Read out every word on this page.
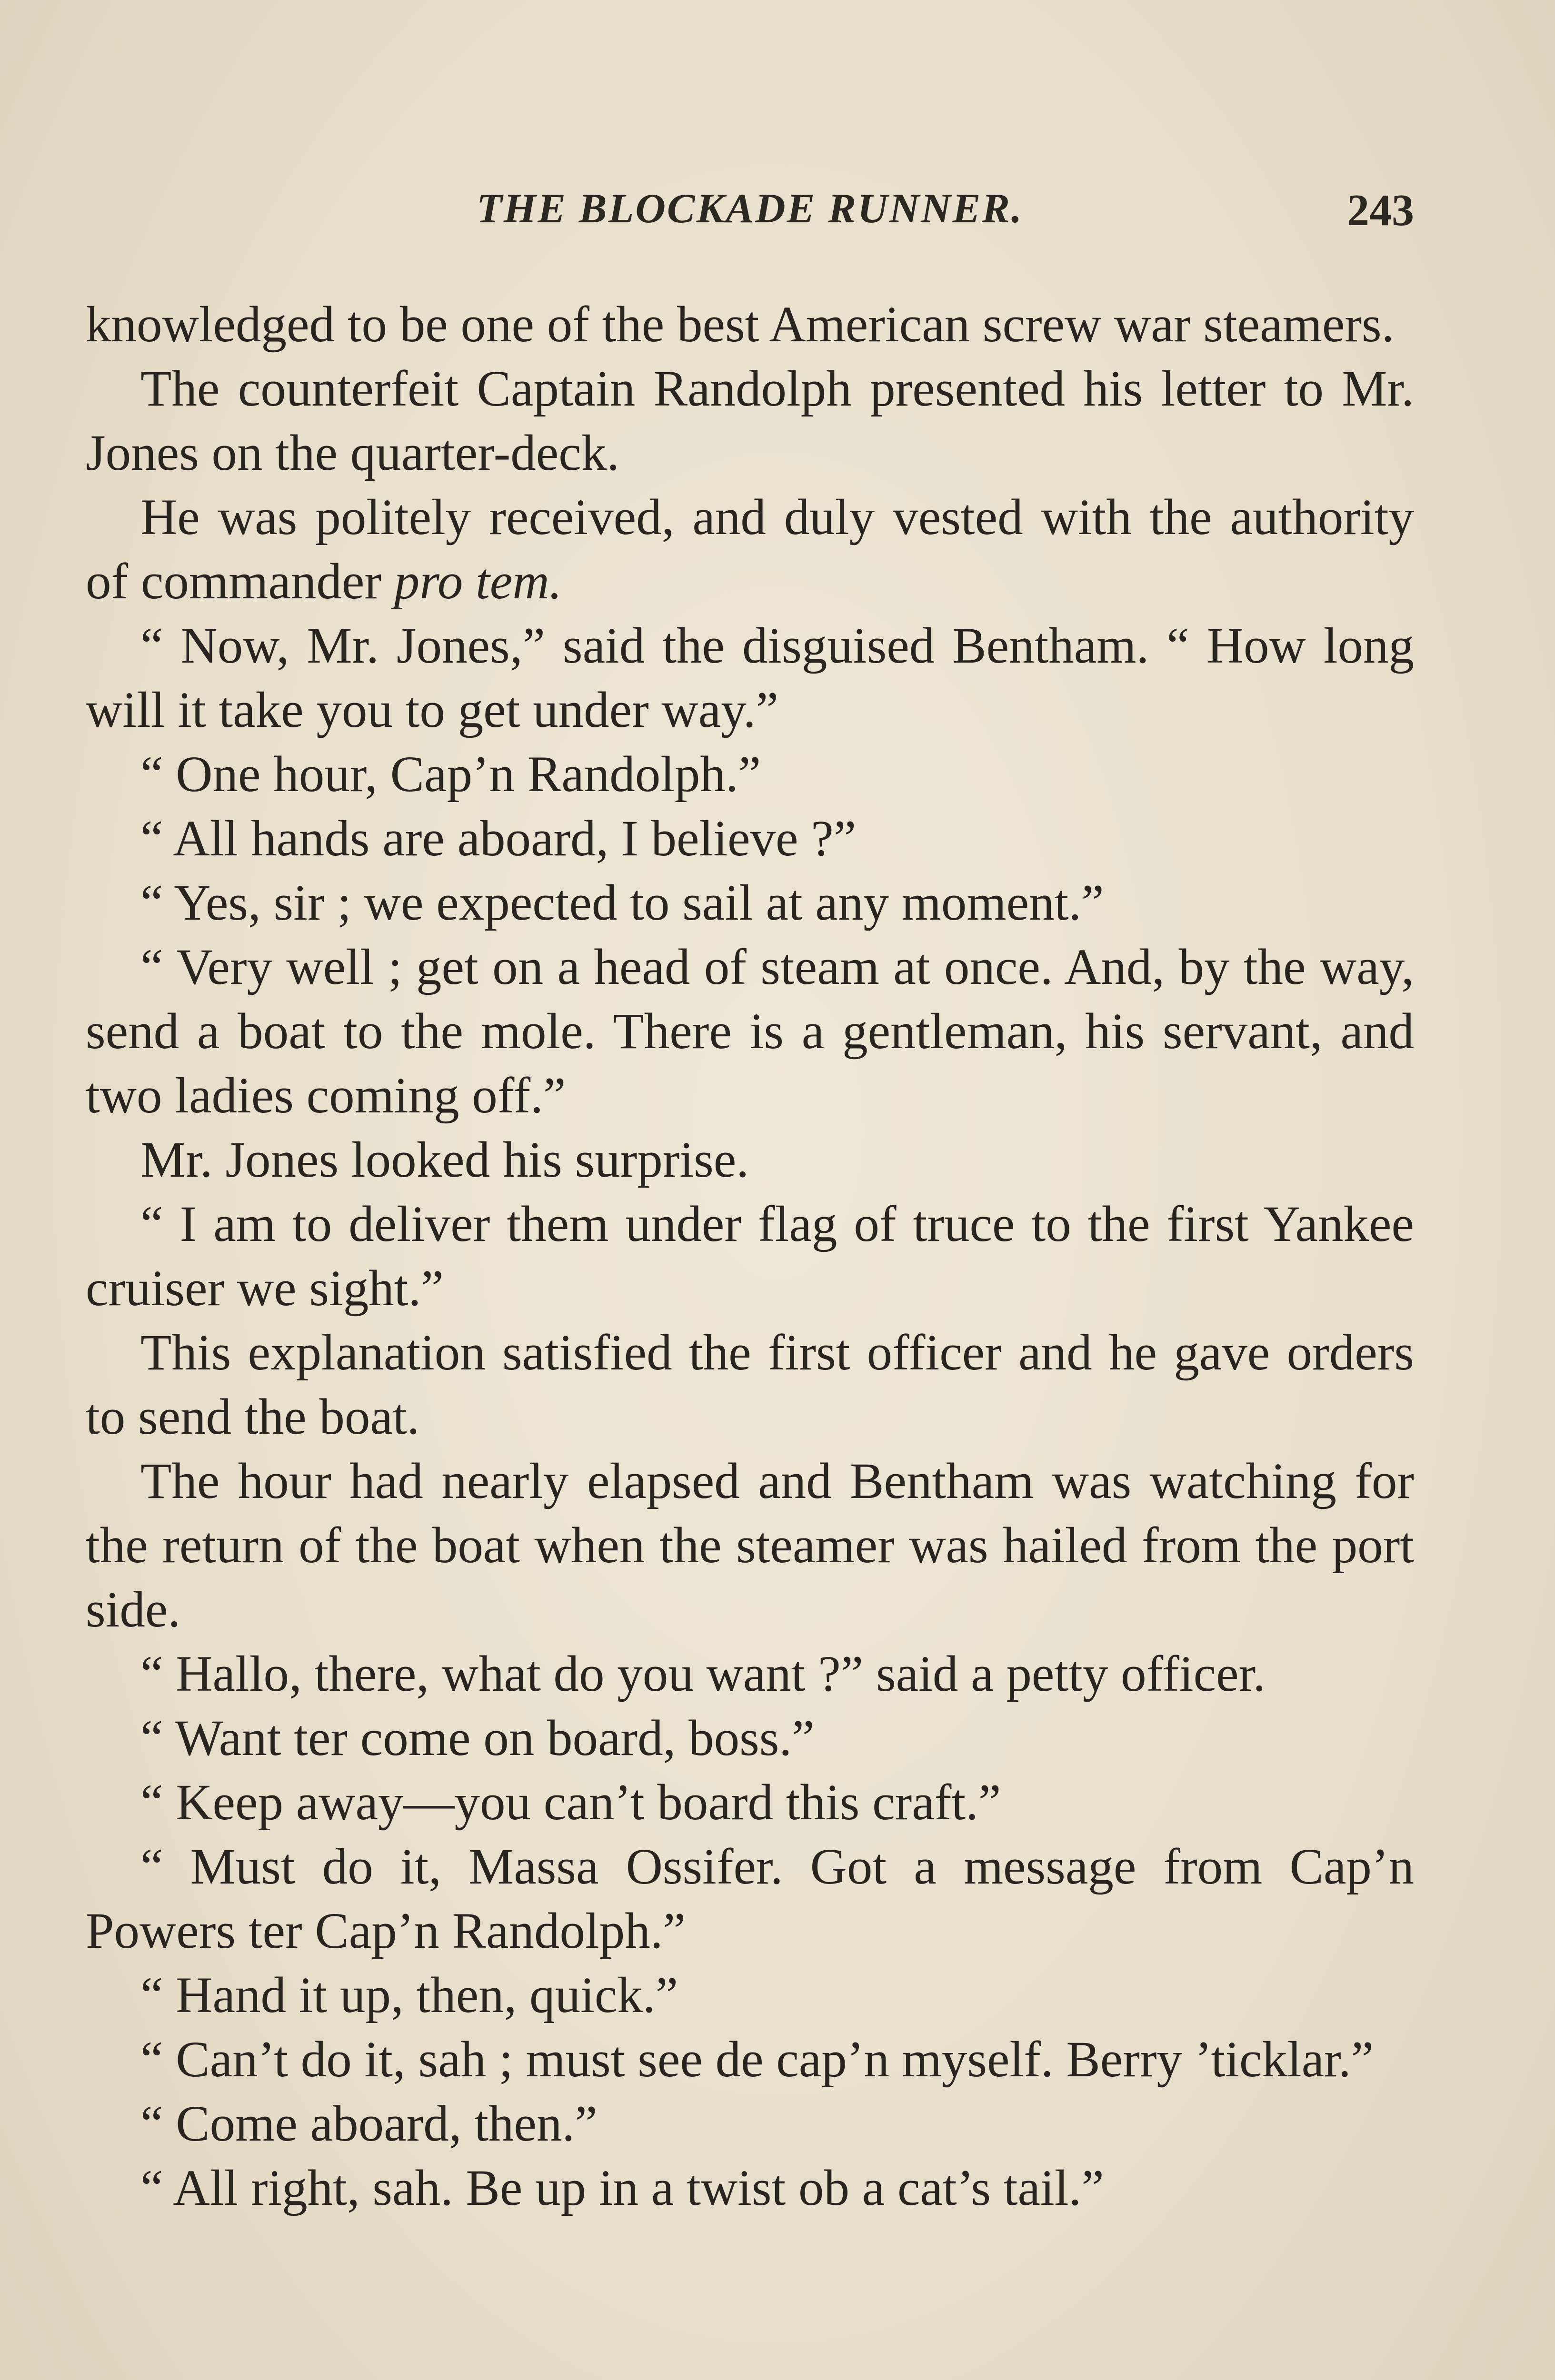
THE BLOCKADE RUNNER.	243

knowledged to be one of the best American screw war steamers.

The counterfeit Captain Randolph presented his letter to Mr. Jones on the quarter-deck.

He was politely received, and duly vested with the authority of commander pro tem.

“ Now, Mr. Jones,” said the disguised Bentham. “ How long will it take you to get under way.”

“ One hour, Cap’n Randolph.”

“ All hands are aboard, I believe ?”

“ Yes, sir ; we expected to sail at any moment.”

“ Very well ; get on a head of steam at once. And, by the way, send a boat to the mole. There is a gentleman, his servant, and two ladies coming off.”

Mr. Jones looked his surprise.

“ I am to deliver them under flag of truce to the first Yankee cruiser we sight.”

This explanation satisfied the first officer and he gave orders to send the boat.

The hour had nearly elapsed and Bentham was watching for the return of the boat when the steamer was hailed from the port side.

“ Hallo, there, what do you want ?” said a petty officer.

“ Want ter come on board, boss.”

“ Keep away—you can’t board this craft.”

“ Must do it, Massa Ossifer. Got a message from Cap’n Powers ter Cap’n Randolph.”

“ Hand it up, then, quick.”

“ Can’t do it, sah ; must see de cap’n myself. Berry ’ticklar.”

“ Come aboard, then.”

“ All right, sah. Be up in a twist ob a cat’s tail.”
